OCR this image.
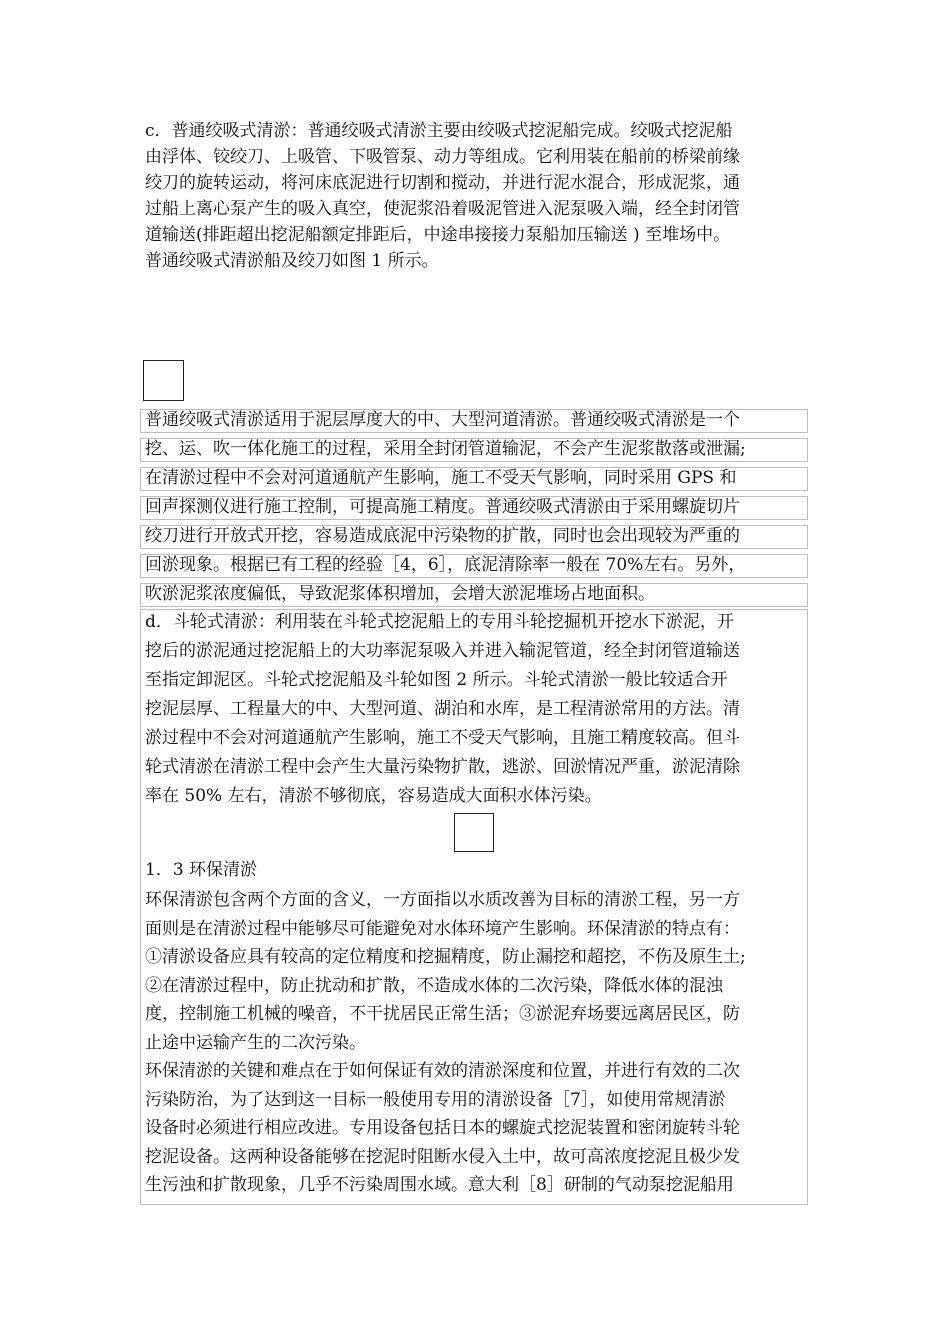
c．普通绞吸式清淤：普通绞吸式清淤主要由绞吸式挖泥船完成。绞吸式挖泥船
由浮体、铰绞刀、上吸管、下吸管泵、动力等组成。它利用装在船前的桥梁前缘
绞刀的旋转运动，将河床底泥进行切割和搅动，并进行泥水混合，形成泥浆，通
过船上离心泵产生的吸入真空，使泥浆沿着吸泥管进入泥泵吸入端，经全封闭管
道输送(排距超出挖泥船额定排距后，中途串接接力泵船加压输送 ) 至堆场中。
普通绞吸式清淤船及绞刀如图 1 所示。
普通绞吸式清淤适用于泥层厚度大的中、大型河道清淤。普通绞吸式清淤是一个
挖、运、吹一体化施工的过程，采用全封闭管道输泥，不会产生泥浆散落或泄漏;
在清淤过程中不会对河道通航产生影响，施工不受天气影响，同时采用 GPS 和
回声探测仪进行施工控制，可提高施工精度。普通绞吸式清淤由于采用螺旋切片
绞刀进行开放式开挖，容易造成底泥中污染物的扩散，同时也会出现较为严重的
回淤现象。根据已有工程的经验［4，6］，底泥清除率一般在 70%左右。另外，
吹淤泥浆浓度偏低，导致泥浆体积增加，会增大淤泥堆场占地面积。
d．斗轮式清淤：利用装在斗轮式挖泥船上的专用斗轮挖掘机开挖水下淤泥，开
挖后的淤泥通过挖泥船上的大功率泥泵吸入并进入输泥管道，经全封闭管道输送
至指定卸泥区。斗轮式挖泥船及斗轮如图 2 所示。斗轮式清淤一般比较适合开
挖泥层厚、工程量大的中、大型河道、湖泊和水库，是工程清淤常用的方法。清
淤过程中不会对河道通航产生影响，施工不受天气影响，且施工精度较高。但斗
轮式清淤在清淤工程中会产生大量污染物扩散，逃淤、回淤情况严重，淤泥清除
率在 50% 左右，清淤不够彻底，容易造成大面积水体污染。
1．3 环保清淤
环保清淤包含两个方面的含义，一方面指以水质改善为目标的清淤工程，另一方
面则是在清淤过程中能够尽可能避免对水体环境产生影响。环保清淤的特点有：
①清淤设备应具有较高的定位精度和挖掘精度，防止漏挖和超挖，不伤及原生土;
②在清淤过程中，防止扰动和扩散，不造成水体的二次污染，降低水体的混浊
度，控制施工机械的噪音，不干扰居民正常生活；③淤泥弃场要远离居民区，防
止途中运输产生的二次污染。
环保清淤的关键和难点在于如何保证有效的清淤深度和位置，并进行有效的二次
污染防治，为了达到这一目标一般使用专用的清淤设备［7］，如使用常规清淤
设备时必须进行相应改进。专用设备包括日本的螺旋式挖泥装置和密闭旋转斗轮
挖泥设备。这两种设备能够在挖泥时阻断水侵入土中，故可高浓度挖泥且极少发
生污浊和扩散现象，几乎不污染周围水域。意大利［8］研制的气动泵挖泥船用
